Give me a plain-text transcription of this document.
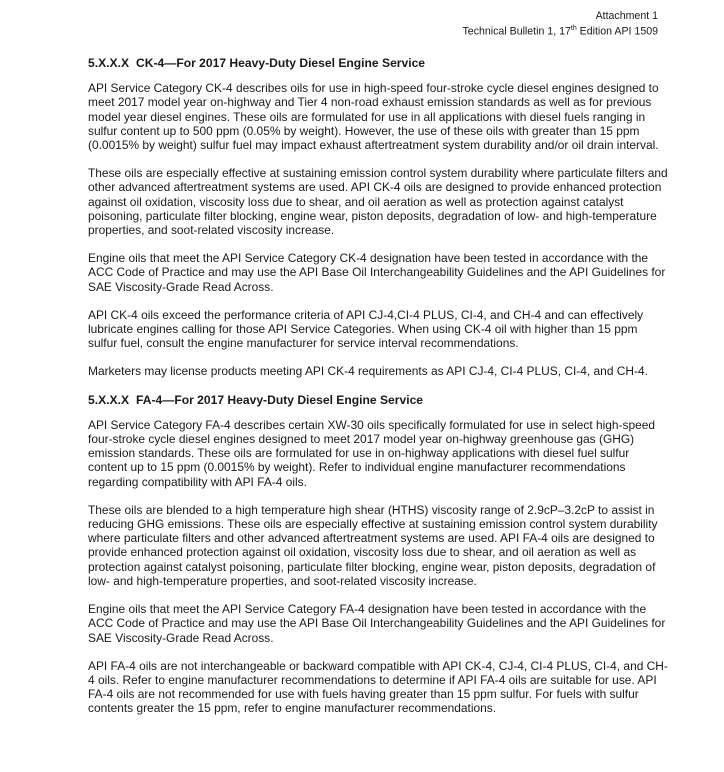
Attachment 1
Technical Bulletin 1, 17th Edition API 1509
5.X.X.X CK-4—For 2017 Heavy-Duty Diesel Engine Service

API Service Category CK-4 describes oils for use in high-speed four-stroke cycle diesel engines designed to meet 2017 model year on-highway and Tier 4 non-road exhaust emission standards as well as for previous model year diesel engines. These oils are formulated for use in all applications with diesel fuels ranging in sulfur content up to 500 ppm (0.05% by weight). However, the use of these oils with greater than 15 ppm (0.0015% by weight) sulfur fuel may impact exhaust aftertreatment system durability and/or oil drain interval.

These oils are especially effective at sustaining emission control system durability where particulate filters and other advanced aftertreatment systems are used. API CK-4 oils are designed to provide enhanced protection against oil oxidation, viscosity loss due to shear, and oil aeration as well as protection against catalyst poisoning, particulate filter blocking, engine wear, piston deposits, degradation of low- and high-temperature properties, and soot-related viscosity increase.

Engine oils that meet the API Service Category CK-4 designation have been tested in accordance with the ACC Code of Practice and may use the API Base Oil Interchangeability Guidelines and the API Guidelines for SAE Viscosity-Grade Read Across.

API CK-4 oils exceed the performance criteria of API CJ-4,CI-4 PLUS, CI-4, and CH-4 and can effectively lubricate engines calling for those API Service Categories. When using CK-4 oil with higher than 15 ppm sulfur fuel, consult the engine manufacturer for service interval recommendations.

Marketers may license products meeting API CK-4 requirements as API CJ-4, CI-4 PLUS, CI-4, and CH-4.

5.X.X.X FA-4—For 2017 Heavy-Duty Diesel Engine Service

API Service Category FA-4 describes certain XW-30 oils specifically formulated for use in select high-speed four-stroke cycle diesel engines designed to meet 2017 model year on-highway greenhouse gas (GHG) emission standards. These oils are formulated for use in on-highway applications with diesel fuel sulfur content up to 15 ppm (0.0015% by weight). Refer to individual engine manufacturer recommendations regarding compatibility with API FA-4 oils.

These oils are blended to a high temperature high shear (HTHS) viscosity range of 2.9cP–3.2cP to assist in reducing GHG emissions. These oils are especially effective at sustaining emission control system durability where particulate filters and other advanced aftertreatment systems are used. API FA-4 oils are designed to provide enhanced protection against oil oxidation, viscosity loss due to shear, and oil aeration as well as protection against catalyst poisoning, particulate filter blocking, engine wear, piston deposits, degradation of low- and high-temperature properties, and soot-related viscosity increase.

Engine oils that meet the API Service Category FA-4 designation have been tested in accordance with the ACC Code of Practice and may use the API Base Oil Interchangeability Guidelines and the API Guidelines for SAE Viscosity-Grade Read Across.

API FA-4 oils are not interchangeable or backward compatible with API CK-4, CJ-4, CI-4 PLUS, CI-4, and CH-4 oils. Refer to engine manufacturer recommendations to determine if API FA-4 oils are suitable for use. API FA-4 oils are not recommended for use with fuels having greater than 15 ppm sulfur. For fuels with sulfur contents greater the 15 ppm, refer to engine manufacturer recommendations.
